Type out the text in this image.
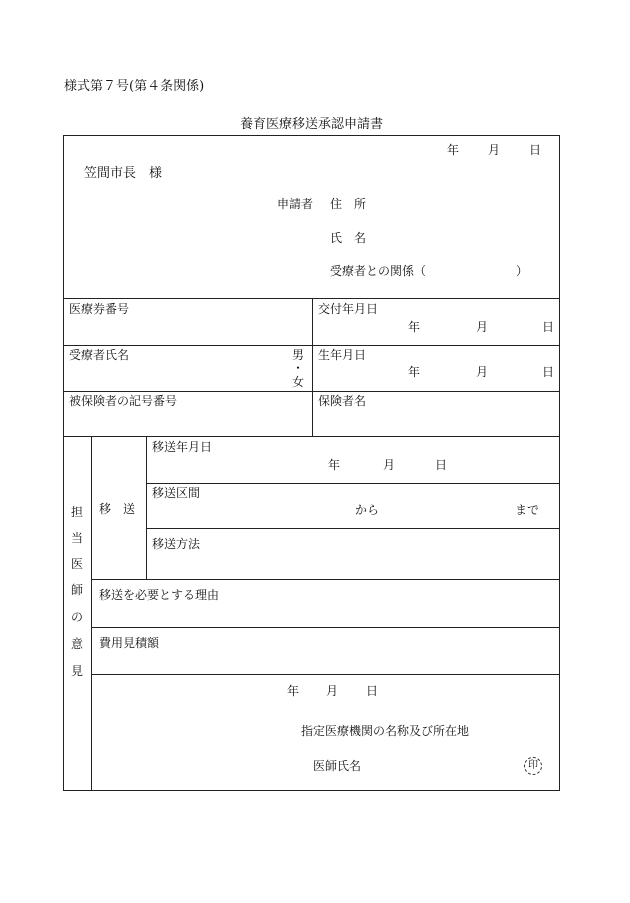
様式第７号(第４条関係)
養育医療移送承認申請書
年 月 日
笠間市長　様
申請者 住　所
氏　名
受療者との関係（	）
医療券番号	交付年月日
年	月	日
受療者氏名	男
・
女
生年月日
年	月	日
被保険者の記号番号	保険者名
担
当
医
師
の
意
見
移　送
移送年月日
年	月	日
移送区間
から	まで
移送方法
移送を必要とする理由
費用見積額
年 月 日
指定医療機関の名称及び所在地
医師氏名	印
